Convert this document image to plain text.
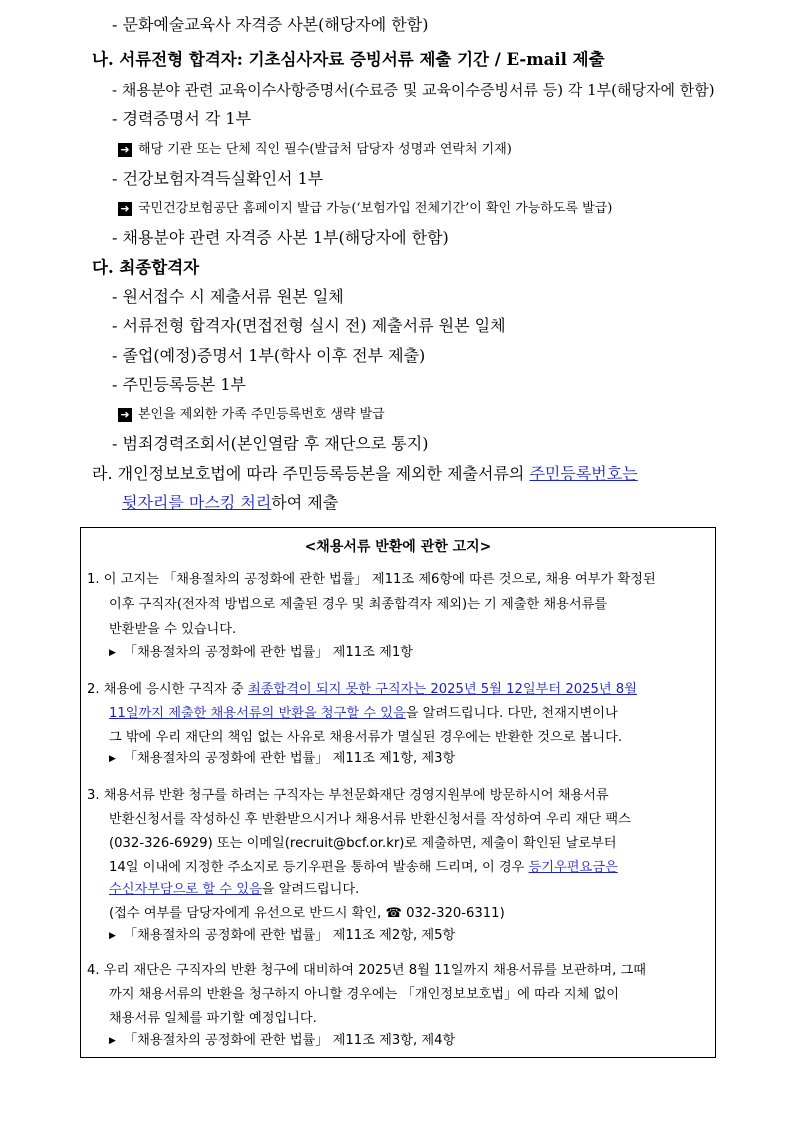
- 문화예술교육사 자격증 사본(해당자에 한함)
나. 서류전형 합격자: 기초심사자료 증빙서류 제출 기간 / E-mail 제출
- 채용분야 관련 교육이수사항증명서(수료증 및 교육이수증빙서류 등) 각 1부(해당자에 한함)
- 경력증명서 각 1부
➜ 해당 기관 또는 단체 직인 필수(발급처 담당자 성명과 연락처 기재)
- 건강보험자격득실확인서 1부
➜ 국민건강보험공단 홈페이지 발급 가능(‘보험가입 전체기간’이 확인 가능하도록 발급)
- 채용분야 관련 자격증 사본 1부(해당자에 한함)
다. 최종합격자
- 원서접수 시 제출서류 원본 일체
- 서류전형 합격자(면접전형 실시 전) 제출서류 원본 일체
- 졸업(예정)증명서 1부(학사 이후 전부 제출)
- 주민등록등본 1부
➜ 본인을 제외한 가족 주민등록번호 생략 발급
- 범죄경력조회서(본인열람 후 재단으로 통지)
라. 개인정보보호법에 따라 주민등록등본을 제외한 제출서류의 주민등록번호는
뒷자리를 마스킹 처리하여 제출
<채용서류 반환에 관한 고지>
1. 이 고지는 「채용절차의 공정화에 관한 법률」 제11조 제6항에 따른 것으로, 채용 여부가 확정된
이후 구직자(전자적 방법으로 제출된 경우 및 최종합격자 제외)는 기 제출한 채용서류를
반환받을 수 있습니다.
▶ 「채용절차의 공정화에 관한 법률」 제11조 제1항
2. 채용에 응시한 구직자 중 최종합격이 되지 못한 구직자는 2025년 5월 12일부터 2025년 8월
11일까지 제출한 채용서류의 반환을 청구할 수 있음을 알려드립니다. 다만, 천재지변이나
그 밖에 우리 재단의 책임 없는 사유로 채용서류가 멸실된 경우에는 반환한 것으로 봅니다.
▶ 「채용절차의 공정화에 관한 법률」 제11조 제1항, 제3항
3. 채용서류 반환 청구를 하려는 구직자는 부천문화재단 경영지원부에 방문하시어 채용서류
반환신청서를 작성하신 후 반환받으시거나 채용서류 반환신청서를 작성하여 우리 재단 팩스
(032-326-6929) 또는 이메일(recruit@bcf.or.kr)로 제출하면, 제출이 확인된 날로부터
14일 이내에 지정한 주소지로 등기우편을 통하여 발송해 드리며, 이 경우 등기우편요금은
수신자부담으로 할 수 있음을 알려드립니다.
(접수 여부를 담당자에게 유선으로 반드시 확인, ☎ 032-320-6311)
▶ 「채용절차의 공정화에 관한 법률」 제11조 제2항, 제5항
4. 우리 재단은 구직자의 반환 청구에 대비하여 2025년 8월 11일까지 채용서류를 보관하며, 그때
까지 채용서류의 반환을 청구하지 아니할 경우에는 「개인정보보호법」에 따라 지체 없이
채용서류 일체를 파기할 예정입니다.
▶ 「채용절차의 공정화에 관한 법률」 제11조 제3항, 제4항
